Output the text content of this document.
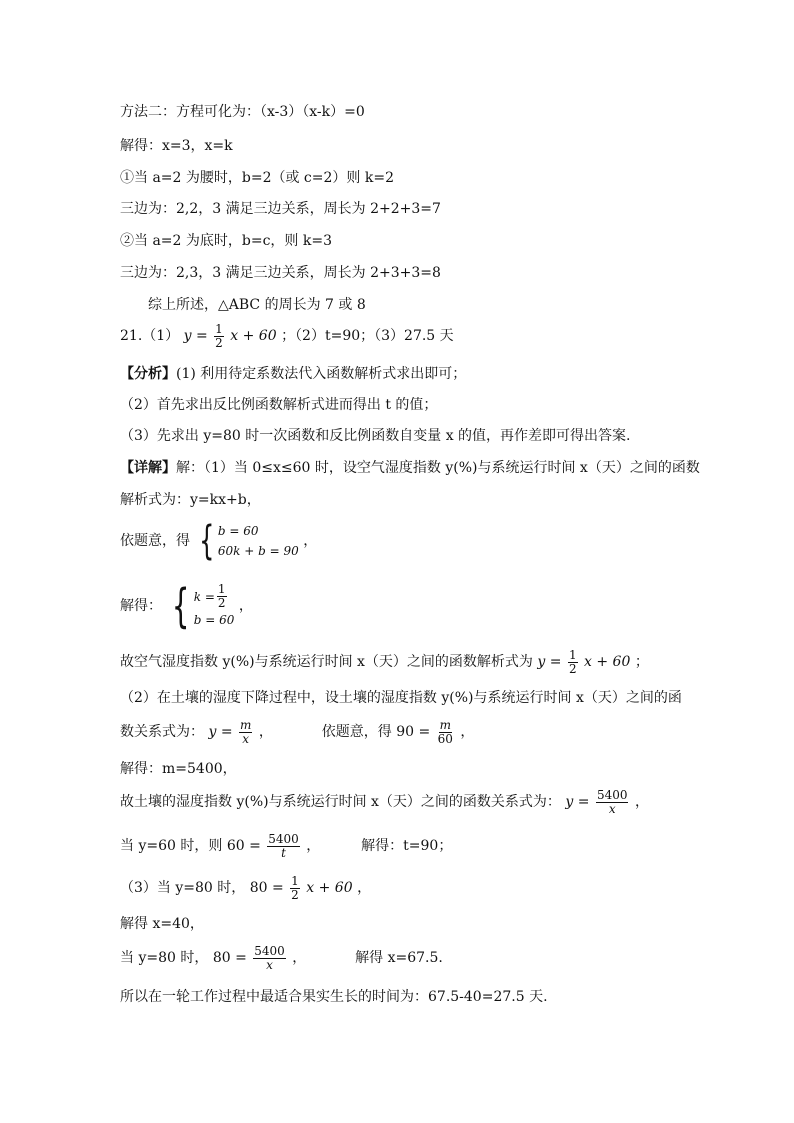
方法二：方程可化为：（x-3）（x-k）=0
解得：x=3，x=k
①当 a=2 为腰时，b=2（或 c=2）则 k=2
三边为：2,2，3 满足三边关系，周长为 2+2+3=7
②当 a=2 为底时，b=c，则 k=3
三边为：2,3，3 满足三边关系，周长为 2+3+3=8
综上所述，△ABC 的周长为 7 或 8
21.（1） $y = \frac{1}{2}$ x + 60 ；（2）t=90；（3）27.5 天
【分析】(1) 利用待定系数法代入函数解析式求出即可；
（2）首先求出反比例函数解析式进而得出 t 的值；
（3）先求出 y=80 时一次函数和反比例函数自变量 x 的值，再作差即可得出答案.
【详解】解：（1）当 0≤x≤60 时，设空气湿度指数 y(%)与系统运行时间 x（天）之间的函数
解析式为：y=kx+b，
依题意，得 { b = 60
60k + b = 90
，
解得： { $k = \frac{1}{2}$
b = 60
，
故空气湿度指数 y(%)与系统运行时间 x（天）之间的函数解析式为 $y = \frac{1}{2}$ x + 60 ；
（2）在土壤的湿度下降过程中，设土壤的湿度指数 y(%)与系统运行时间 x（天）之间的函
数关系式为： $y = \frac{m}{x}$ ，	依题意，得 $90 = \frac{m}{60}$ ，
解得：m=5400，
故土壤的湿度指数 y(%)与系统运行时间 x（天）之间的函数关系式为： $y = \frac{5400}{x}$ ，
当 y=60 时，则 $60 = \frac{5400}{t}$ ，	解得：t=90；
（3）当 y=80 时， $80 = \frac{1}{2}$ x + 60 ，
解得 x=40，
当 y=80 时， $80 = \frac{5400}{x}$ ，	解得 x=67.5.
所以在一轮工作过程中最适合果实生长的时间为：67.5-40=27.5 天.
